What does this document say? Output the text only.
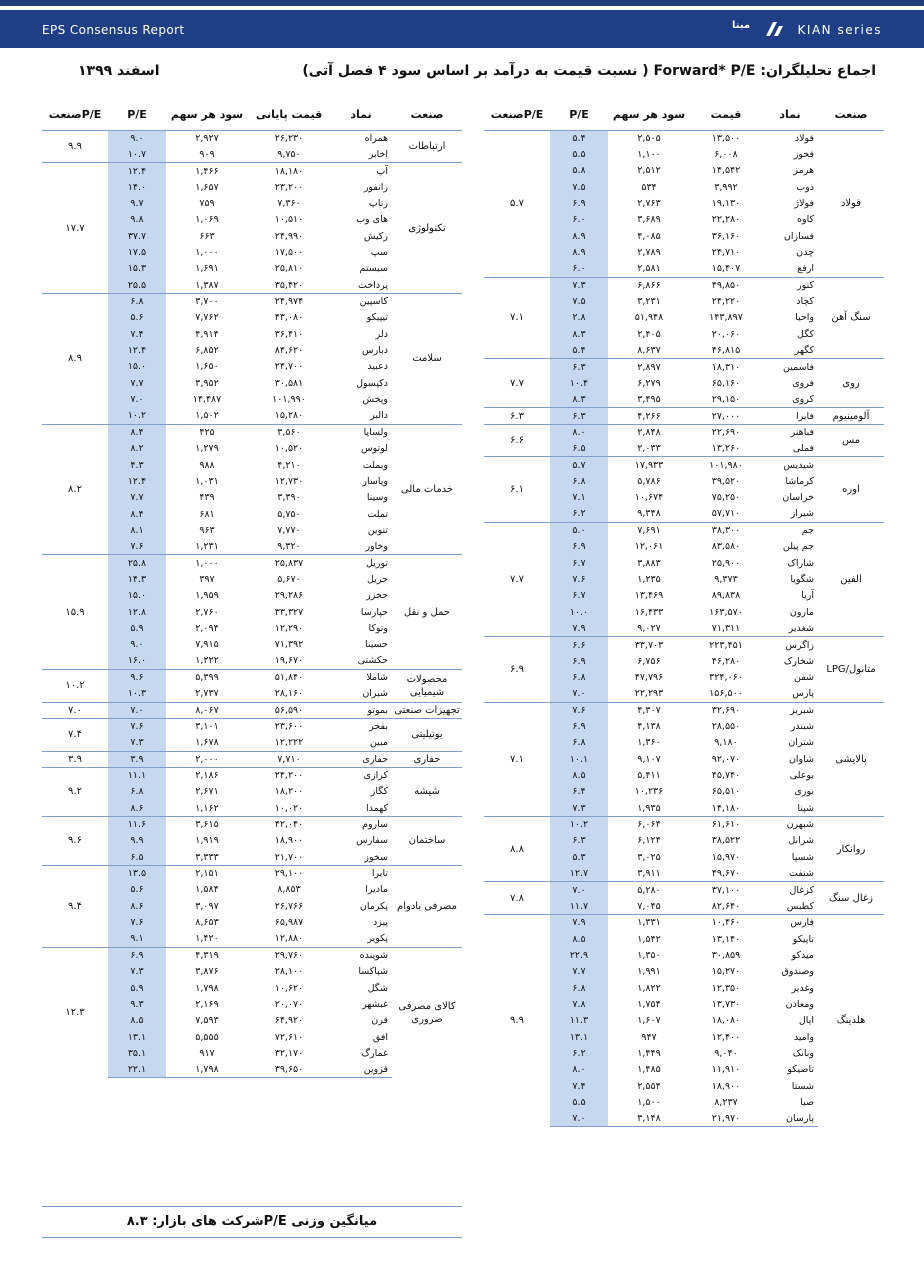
EPS Consensus Report	مبنا	KIAN series
اجماع تحلیلگران: Forward* P/E ( نسبت قیمت به درآمد بر اساس سود ۴ فصل آتی)
اسفند ۱۳۹۹
صنعت	نماد	قیمت	سود هر سهم	P/E	P/Eصنعت
فولاد	فولاد	۱۳,۵۰۰	۲,۵۰۵	۵.۴	۵.۷
	فخوز	۶,۰۰۸	۱,۱۰۰	۵.۵	
	هرمز	۱۴,۵۴۲	۲,۵۱۲	۵.۸	
	ذوب	۳,۹۹۲	۵۳۴	۷.۵	
	فولاژ	۱۹,۱۳۰	۲,۷۶۳	۶.۹	
	کاوه	۲۲,۲۸۰	۳,۶۸۹	۶.۰	
	فسازان	۳۶,۱۶۰	۴,۰۸۵	۸.۹	
	چدن	۲۴,۷۱۰	۲,۷۸۹	۸.۹	
	ارفع	۱۵,۴۰۷	۲,۵۸۱	۶.۰	
سنگ آهن	کنور	۴۹,۸۵۰	۶,۸۶۶	۷.۳	۷.۱
	کچاد	۲۴,۲۲۰	۳,۲۳۱	۷.۵	
	واحیا	۱۴۳,۸۹۷	۵۱,۹۴۸	۲.۸	
	کگل	۲۰,۰۶۰	۲,۴۰۵	۸.۳	
	کگهر	۴۶,۸۱۵	۸,۶۳۷	۵.۴	
روی	فاسمین	۱۸,۳۱۰	۲,۸۹۷	۶.۳	۷.۷
	فروی	۶۵,۱۶۰	۶,۲۷۹	۱۰.۴	
	کروی	۲۹,۱۵۰	۳,۴۹۵	۸.۳	
آلومینیوم	فایرا	۲۷,۰۰۰	۴,۲۶۶	۶.۳	۶.۳
مس	فباهنر	۲۲,۶۹۰	۲,۸۴۸	۸.۰	۶.۶
	فملی	۱۳,۲۶۰	۲,۰۳۳	۶.۵	
اوره	شیدیس	۱۰۱,۹۸۰	۱۷,۹۳۳	۵.۷	۶.۱
	کرماشا	۳۹,۵۲۰	۵,۷۸۶	۶.۸	
	خراسان	۷۵,۲۵۰	۱۰,۶۷۴	۷.۱	
	شیراز	۵۷,۷۱۰	۹,۳۴۸	۶.۲	
الفین	جم	۳۸,۳۰۰	۷,۶۹۱	۵.۰	۷.۷
	جم پیلن	۸۳,۵۸۰	۱۲,۰۶۱	۶.۹	
	شاراک	۲۵,۹۰۰	۳,۸۸۳	۶.۷	
	شگویا	۹,۳۷۳	۱,۲۳۵	۷.۶	
	آریا	۸۹,۸۳۸	۱۳,۴۶۹	۶.۷	
	مارون	۱۶۳,۵۷۰	۱۶,۴۳۳	۱۰.۰	
	شغدیر	۷۱,۳۱۱	۹,۰۲۷	۷.۹	
متانول/LPG	زاگرس	۲۲۳,۴۵۱	۳۳,۷۰۳	۶.۶	۶.۹
	شخارک	۴۶,۲۸۰	۶,۷۵۶	۶.۹	
	شفن	۳۲۴,۰۶۰	۴۷,۷۹۶	۶.۸	
	پارس	۱۵۶,۵۰۰	۲۲,۲۹۳	۷.۰	
پالایشی	شبریز	۳۲,۶۹۰	۴,۳۰۷	۷.۶	۷.۱
	شبندر	۲۸,۵۵۰	۴,۱۳۸	۶.۹	
	شتران	۹,۱۸۰	۱,۳۶۰	۶.۸	
	شاوان	۹۲,۰۷۰	۹,۱۰۷	۱۰.۱	
	بوعلی	۴۵,۷۴۰	۵,۴۱۱	۸.۵	
	نوری	۶۵,۵۱۰	۱۰,۲۳۶	۶.۴	
	شپنا	۱۴,۱۸۰	۱,۹۳۵	۷.۳	
روانکار	شبهرن	۶۱,۶۱۰	۶,۰۶۴	۱۰.۲	۸.۸
	شرانل	۳۸,۵۲۲	۶,۱۲۴	۶.۳	
	شسپا	۱۵,۹۷۰	۳,۰۲۵	۵.۳	
	شنفت	۴۹,۶۷۰	۳,۹۱۱	۱۲.۷	
زغال سنگ	کزغال	۳۷,۱۰۰	۵,۲۸۰	۷.۰	۷.۸
	کطبس	۸۲,۶۴۰	۷,۰۴۵	۱۱.۷	
هلدینگ	فارس	۱۰,۴۶۰	۱,۳۳۱	۷.۹	۹.۹
	تاپیکو	۱۳,۱۴۰	۱,۵۴۲	۸.۵	
	میدکو	۳۰,۸۵۹	۱,۳۵۰	۲۲.۹	
	وصندوق	۱۵,۲۷۰	۱,۹۹۱	۷.۷	
	وغدیر	۱۲,۳۵۰	۱,۸۲۲	۶.۸	
	ومعادن	۱۳,۷۳۰	۱,۷۵۴	۷.۸	
	اپال	۱۸,۰۸۰	۱,۶۰۷	۱۱.۳	
	وامید	۱۲,۴۰۰	۹۴۷	۱۳.۱	
	وبانک	۹,۰۴۰	۱,۴۴۹	۶.۲	
	تاصیکو	۱۱,۹۱۰	۱,۴۸۵	۸.۰	
	شستا	۱۸,۹۰۰	۲,۵۵۴	۷.۴	
	صبا	۸,۲۳۷	۱,۵۰۰	۵.۵	
	پارسان	۲۱,۹۷۰	۳,۱۴۸	۷.۰	
صنعت	نماد	قیمت پایانی	سود هر سهم	P/E	P/Eصنعت
ارتباطات	همراه	۲۶,۲۳۰	۲,۹۲۷	۹.۰	۹.۹
	اخابر	۹,۷۵۰	۹۰۹	۱۰.۷	
تکنولوژی	آپ	۱۸,۱۸۰	۱,۴۶۶	۱۲.۴	۱۷.۷
	رانفور	۲۳,۲۰۰	۱,۶۵۷	۱۴.۰	
	رتاپ	۷,۳۶۰	۷۵۹	۹.۷	
	های وب	۱۰,۵۱۰	۱,۰۶۹	۹.۸	
	رکیش	۲۴,۹۹۰	۶۶۳	۳۷.۷	
	سپ	۱۷,۵۰۰	۱,۰۰۰	۱۷.۵	
	سیستم	۲۵,۸۱۰	۱,۶۹۱	۱۵.۳	
	پرداخت	۳۵,۴۲۰	۱,۳۸۷	۲۵.۵	
سلامت	کاسپین	۲۴,۹۷۴	۳,۷۰۰	۶.۸	۸.۹
	تیپیکو	۴۳,۰۸۰	۷,۷۶۲	۵.۶	
	دلر	۳۶,۴۱۰	۴,۹۱۴	۷.۴	
	دبارس	۸۴,۶۲۰	۶,۸۵۲	۱۲.۴	
	دعبید	۲۴,۷۰۰	۱,۶۵۰	۱۵.۰	
	دکپسول	۳۰,۵۸۱	۳,۹۵۲	۷.۷	
	وپخش	۱۰۱,۹۹۰	۱۴,۴۸۷	۷.۰	
	دالبر	۱۵,۲۸۰	۱,۵۰۲	۱۰.۲	
خدمات مالی	ولساپا	۳,۵۶۰	۴۲۵	۸.۴	۸.۲
	لوتوس	۱۰,۵۲۰	۱,۲۷۹	۸.۲	
	وبملت	۴,۲۱۰	۹۸۸	۴.۳	
	وپاسار	۱۲,۷۳۰	۱,۰۳۱	۱۲.۴	
	وسینا	۳,۳۹۰	۴۳۹	۷.۷	
	تملت	۵,۷۵۰	۶۸۱	۸.۴	
	تنوین	۷,۷۷۰	۹۶۳	۸.۱	
	وخاور	۹,۳۲۰	۱,۲۳۱	۷.۶	
حمل و نقل	توریل	۲۵,۸۳۷	۱,۰۰۰	۲۵.۸	۱۵.۹
	حریل	۵,۶۷۰	۳۹۷	۱۴.۳	
	حخزر	۲۹,۲۸۶	۱,۹۵۹	۱۵.۰	
	حپارسا	۳۳,۳۲۷	۲,۷۶۰	۱۲.۸	
	وتوکا	۱۲,۲۹۰	۲,۰۹۴	۵.۹	
	حسینا	۷۱,۳۹۲	۷,۹۱۵	۹.۰	
	حکشتی	۱۹,۶۷۰	۱,۲۲۲	۱۶.۰	
محصولات شیمیایی	شاملا	۵۱,۸۴۰	۵,۳۹۹	۹.۶	۱۰.۲
	شیران	۲۸,۱۶۰	۲,۷۳۷	۱۰.۳	
تجهیزات صنعتی	بموتو	۵۶,۵۹۰	۸,۰۶۷	۷.۰	۷.۰
یوتیلیتی	بفجر	۲۳,۶۰۰	۳,۱۰۱	۷.۶	۷.۴
	مبین	۱۲,۲۲۲	۱,۶۷۸	۷.۳	
حفاری	حفاری	۷,۷۱۰	۲,۰۰۰	۳.۹	۳.۹
شیشه	کرازی	۲۴,۲۰۰	۲,۱۸۶	۱۱.۱	۹.۲
	کگاز	۱۸,۲۰۰	۲,۶۷۱	۶.۸	
	کهمدا	۱۰,۰۲۰	۱,۱۶۲	۸.۶	
ساختمان	ساروم	۴۲,۰۴۰	۳,۶۱۵	۱۱.۶	۹.۶
	سفارس	۱۸,۹۰۰	۱,۹۱۹	۹.۹	
	سخوز	۲۱,۷۰۰	۳,۳۳۳	۶.۵	
مصرفی بادوام	تایرا	۲۹,۱۰۰	۲,۱۵۱	۱۳.۵	۹.۴
	مادیرا	۸,۸۵۳	۱,۵۸۴	۵.۶	
	پکرمان	۲۶,۷۶۶	۳,۰۹۷	۸.۶	
	پیزد	۶۵,۹۸۷	۸,۶۵۳	۷.۶	
	پکویر	۱۲,۸۸۰	۱,۴۲۰	۹.۱	
کالای مصرفی ضروری	شوینده	۲۹,۷۶۰	۴,۳۱۹	۶.۹	۱۲.۳
	شپاکسا	۲۸,۱۰۰	۳,۸۷۶	۷.۳	
	شگل	۱۰,۶۲۰	۱,۷۹۸	۵.۹	
	غبشهر	۲۰,۰۷۰	۲,۱۶۹	۹.۳	
	قرن	۶۴,۹۲۰	۷,۵۹۳	۸.۵	
	افق	۷۲,۶۱۰	۵,۵۵۵	۱۳.۱	
	غمارگ	۳۲,۱۷۰	۹۱۷	۳۵.۱	
	قزوین	۳۹,۶۵۰	۱,۷۹۸	۲۲.۱	
میانگین وزنی P/Eشرکت های بازار: ۸.۳
